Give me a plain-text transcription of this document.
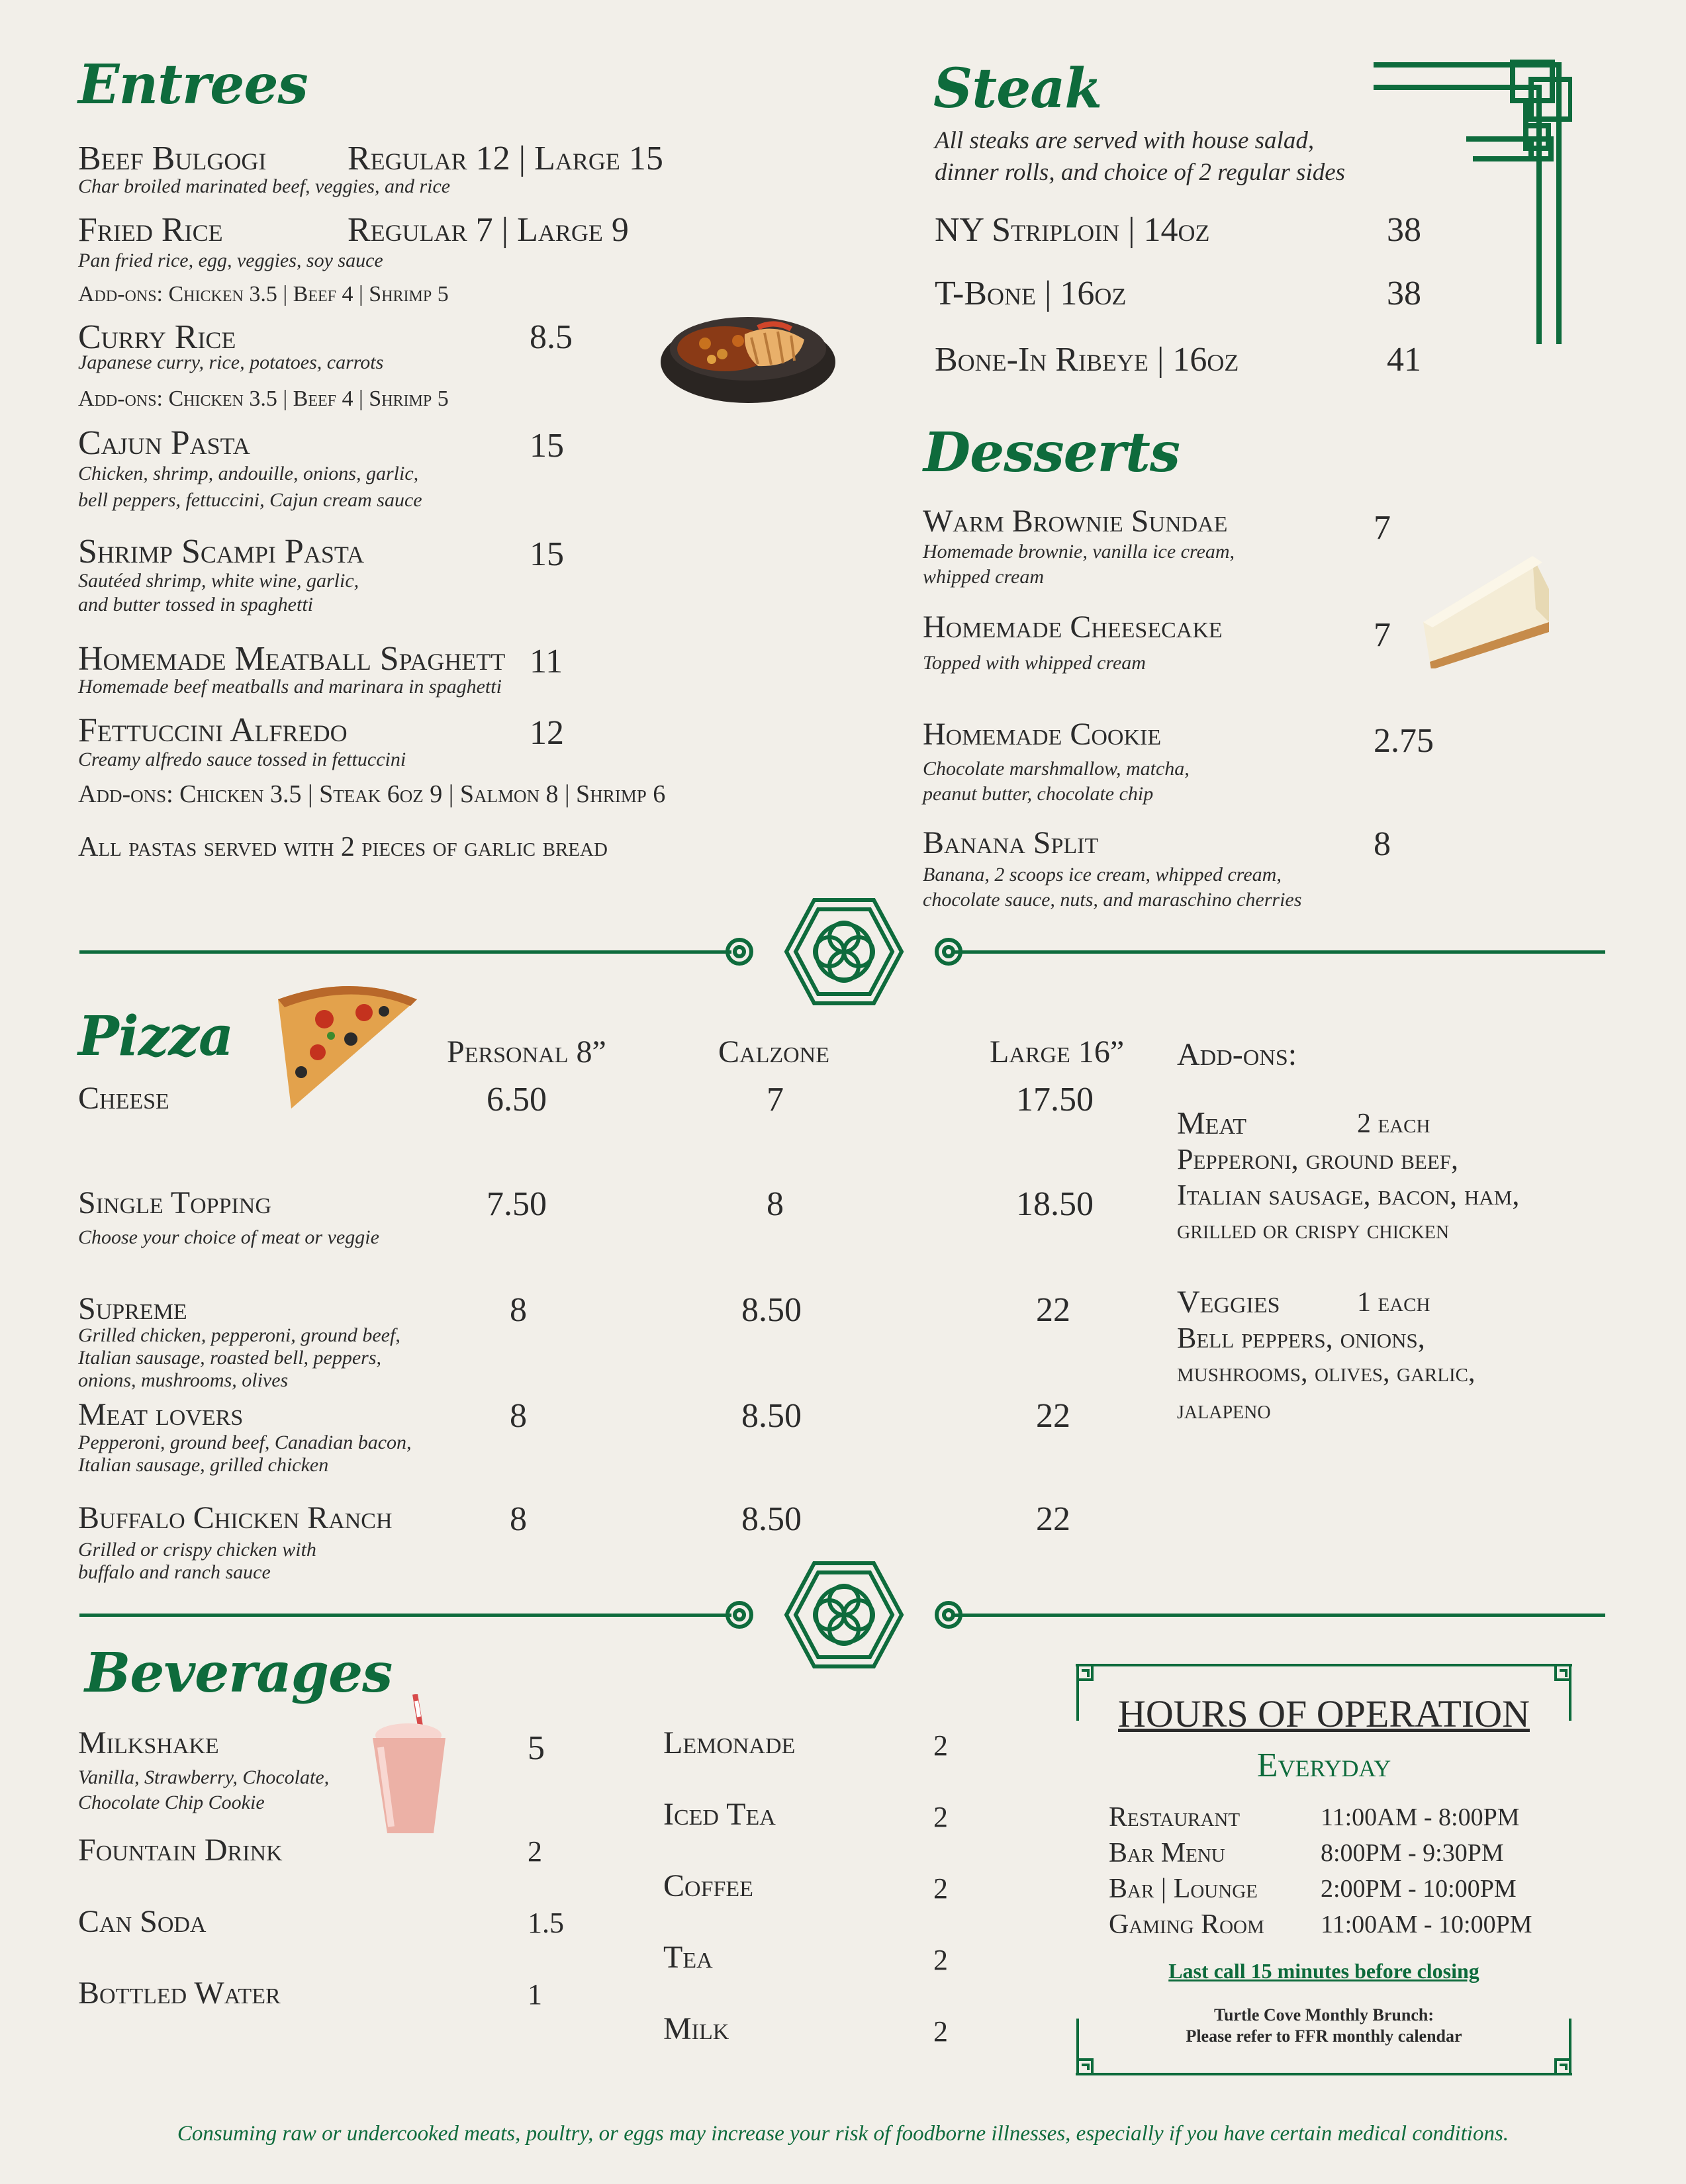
Entrees
Beef Bulgogi Regular 12 | Large 15
Char broiled marinated beef, veggies, and rice
Fried Rice	Regular 7 | Large 9
Pan fried rice, egg, veggies, soy sauce
Add-ons: Chicken 3.5 | Beef 4 | Shrimp 5
Curry Rice	8.5
Japanese curry, rice, potatoes, carrots
Add-ons: Chicken 3.5 | Beef 4 | Shrimp 5
Cajun Pasta	15
Chicken, shrimp, andouille, onions, garlic,
bell peppers, fettuccini, Cajun cream sauce
Shrimp Scampi Pasta	15
Sautéed shrimp, white wine, garlic,
and butter tossed in spaghetti
Homemade Meatball Spaghett 11
Homemade beef meatballs and marinara in spaghetti
Fettuccini Alfredo	12
Creamy alfredo sauce tossed in fettuccini
Add-ons: Chicken 3.5 | Steak 6oz 9 | Salmon 8 | Shrimp 6
All pastas served with 2 pieces of garlic bread
Steak
All steaks are served with house salad,
dinner rolls, and choice of 2 regular sides
NY Striploin | 14oz	38
T-Bone | 16oz	38
Bone-In Ribeye | 16oz	41
Desserts
Warm Brownie Sundae	7
Homemade brownie, vanilla ice cream,
whipped cream
Homemade Cheesecake	7
Topped with whipped cream
Homemade Cookie	2.75
Chocolate marshmallow, matcha,
peanut butter, chocolate chip
Banana Split	8
Banana, 2 scoops ice cream, whipped cream,
chocolate sauce, nuts, and maraschino cherries
Pizza	Personal 8”	Calzone	Large 16”
Cheese	6.50	7	17.50
Single Topping	7.50	8	18.50
Choose your choice of meat or veggie
Supreme	8	8.50	22
Grilled chicken, pepperoni, ground beef,
Italian sausage, roasted bell, peppers,
onions, mushrooms, olives
Meat lovers	8	8.50	22
Pepperoni, ground beef, Canadian bacon,
Italian sausage, grilled chicken
Buffalo Chicken Ranch	8	8.50	22
Grilled or crispy chicken with
buffalo and ranch sauce
Add-ons:
Meat	2 each
Pepperoni, ground beef,
Italian sausage, bacon, ham,
grilled or crispy chicken
Veggies	1 each
Bell peppers, onions,
mushrooms, olives, garlic,
jalapeno
Beverages
Milkshake	5
Vanilla, Strawberry, Chocolate,
Chocolate Chip Cookie
Fountain Drink	2
Can Soda	1.5
Bottled Water	1
Lemonade	2
Iced Tea	2
Coffee	2
Tea	2
Milk	2
HOURS OF OPERATION
Everyday
Restaurant	11:00AM - 8:00PM
Bar Menu	8:00PM - 9:30PM
Bar | Lounge	2:00PM - 10:00PM
Gaming Room 11:00AM - 10:00PM
Last call 15 minutes before closing
Turtle Cove Monthly Brunch:
Please refer to FFR monthly calendar
Consuming raw or undercooked meats, poultry, or eggs may increase your risk of foodborne illnesses, especially if you have certain medical conditions.
